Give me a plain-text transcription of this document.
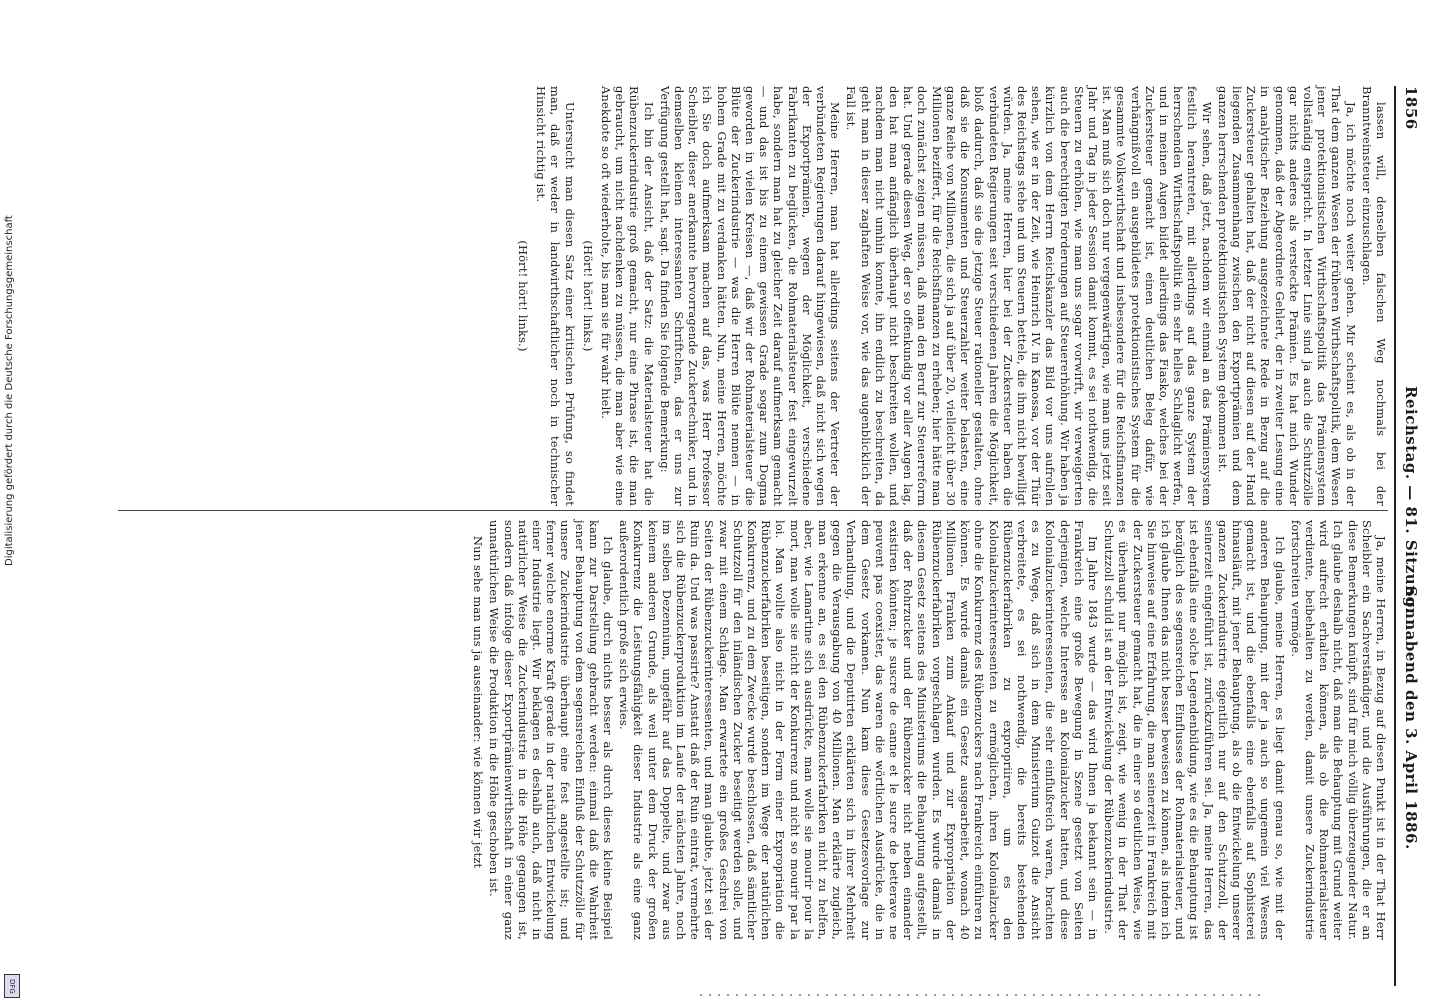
1856
Reichstag. — 81. Sitzung.
Sonnabend den 3. April 1886.

lassen will, denselben falschen Weg nochmals bei der Branntweinsteuer einzuschlagen.

Ja, ich möchte noch weiter gehen. Mir scheint es, als ob in der That dem ganzen Wesen der früheren Wirthschaftspolitik, dem Wesen jener protektionistischen Wirthschaftspolitik das Prämiensystem vollständig entspricht. In letzter Linie sind ja auch die Schutzzölle gar nichts anderes als versteckte Prämien. Es hat mich Wunder genommen, daß der Abgeordnete Gehlert, der in zweiter Lesung eine in analytischer Beziehung ausgezeichnete Rede in Bezug auf die Zuckersteuer gehalten hat, daß der nicht auf diesen auf der Hand liegenden Zusammenhang zwischen den Exportprämien und dem ganzen herrschenden protektionistischen System gekommen ist.

Wir sehen, daß jetzt, nachdem wir einmal an das Prämiensystem festlich herantreten, mit allerdings auf das ganze System der herrschenden Wirthschaftspolitik ein sehr helles Schlaglicht werfen, und in meinen Augen bildet allerdings das Fiasko, welches bei der Zuckersteuer gemacht ist, einen deutlichen Beleg dafür, wie verhängnißvoll ein ausgebildetes protektionistisches System für die gesammte Volkswirthschaft und insbesondere für die Reichsfinanzen ist. Man muß sich doch nur vergegenwärtigen, wie man uns jetzt seit Jahr und Tag in jeder Session damit kommt, es sei nothwendig, die Steuern zu erhöhen, wie man uns sogar vorwirft, wir verweigerten auch die berechtigten Forderungen auf Steuererhöhung. Wir haben ja kürzlich von dem Herrn Reichskanzler das Bild vor uns aufrollen sehen, wie er in der Zeit, wie Heinrich IV. in Kanossa, vor der Thür des Reichstags stehe und um Steuern bettele, die ihm nicht bewilligt würden. Ja, meine Herren, hier bei der Zuckersteuer haben die verbündeten Regierungen seit verschiedenen Jahren die Möglichkeit, bloß dadurch, daß sie die jetzige Steuer rationeller gestalten, ohne daß sie die Konsumenten und Steuerzahler weiter belasten, eine ganze Reihe von Millionen, die sich ja auf über 20, vielleicht über 30 Millionen beziffert, für die Reichsfinanzen zu erheben; hier hätte man doch zunächst zeigen müssen, daß man den Beruf zur Steuerreform hat. Und gerade diesen Weg, der so offenkundig vor aller Augen lag, den hat man anfänglich überhaupt nicht beschreiten wollen, und nachdem man nicht umhin konnte, ihn endlich zu beschreiten, da geht man in dieser zaghaften Weise vor, wie das augenblicklich der Fall ist.

Meine Herren, man hat allerdings seitens der Vertreter der verbündeten Regierungen darauf hingewiesen, daß nicht sich wegen der Exportprämien, wegen der Möglichkeit, verschiedene Fabrikanten zu beglücken, die Rohmaterialsteuer fest eingewurzelt habe, sondern man hat zu gleicher Zeit darauf aufmerksam gemacht — und das ist bis zu einem gewissen Grade sogar zum Dogma geworden in vielen Kreisen —, daß wir der Rohmaterialsteuer die Blüte der Zuckerindustrie — was die Herren Blüte nennen — in hohem Grade mit zu verdanken hätten. Nun, meine Herren, möchte ich Sie doch aufmerksam machen auf das, was Herr Professor Scheibler, dieser anerkannte hervorragende Zuckertechniker, und in demselben kleinen interessanten Schriftchen, das er uns zur Verfügung gestellt hat, sagt. Da finden Sie folgende Bemerkung:

Ich bin der Ansicht, daß der Satz: die Materialsteuer hat die Rübenzuckerindustrie groß gemacht, nur eine Phrase ist, die man gebraucht, um nicht nachdenken zu müssen, die man aber wie eine Anekdote so oft wiederholte, bis man sie für wahr hielt.

(Hört! hört! links.)

Untersucht man diesen Satz einer kritischen Prüfung, so findet man, daß er weder in landwirthschaftlicher noch in technischer Hinsicht richtig ist.

(Hört! hört! links.)

Ja, meine Herren, in Bezug auf diesen Punkt ist in der That Herr Scheibler ein Sachverständiger, und die Ausführungen, die er an diese Bemerkungen knüpft, sind für mich völlig überzeugender Natur. Ich glaube deshalb nicht, daß man die Behauptung mit Grund weiter wird aufrecht erhalten können, als ob die Rohmaterialsteuer verdiente, beibehalten zu werden, damit unsere Zuckerindustrie fortschreiten vermöge.

Ich glaube, meine Herren, es liegt damit genau so, wie mit der anderen Behauptung, mit der ja auch so ungemein viel Wesens gemacht ist, und die ebenfalls eine ebenfalls auf Sophisterei hinausläuft, mit jener Behauptung, als ob die Entwickelung unserer ganzen Zuckerindustrie eigentlich nur auf den Schutzzoll, der seinerzeit eingeführt ist, zurückzuführen sei. Ja, meine Herren, das ist ebenfalls eine solche Legendenbildung, wie es die Behauptung ist bezüglich des segensreichen Einflusses der Rohmaterialsteuer, und ich glaube Ihnen das nicht besser beweisen zu können, als indem ich Sie hinweise auf eine Erfahrung, die man seinerzeit in Frankreich mit der Zuckersteuer gemacht hat, die in einer so deutlichen Weise, wie es überhaupt nur möglich ist, zeigt, wie wenig in der That der Schutzzoll schuld ist an der Entwickelung der Rübenzuckerindustrie.

Im Jahre 1843 wurde — das wird Ihnen ja bekannt sein — in Frankreich eine große Bewegung in Szene gesetzt von Seiten derjenigen, welche Interesse an Kolonialzucker hatten, und diese Kolonialzuckerinteressenten, die sehr einflußreich waren, brachten es zu Wege, daß sich in dem Ministerium Guizot die Ansicht verbreitete, es sei nothwendig, die bereits bestehenden Rübenzuckerfabriken zu expropriiren, um es den Kolonialzuckerinteressenten zu ermöglichen, ihren Kolonialzucker ohne die Konkurrenz des Rübenzuckers nach Frankreich einführen zu können. Es wurde damals ein Gesetz ausgearbeitet, wonach 40 Millionen Franken zum Ankauf und zur Expropriation der Rübenzuckerfabriken vorgeschlagen wurden. Es wurde damals in diesem Gesetz seitens des Ministeriums die Behauptung aufgestellt, daß der Rohrzucker und der Rübenzucker nicht neben einander existiren könnten; je suscre de canne et le sucre de betterave ne peuvent pas coexister, das waren die wörtlichen Ausdrücke, die in dem Gesetz vorkamen. Nun kam diese Gesetzesvorlage zur Verhandlung, und die Deputirten erklärten sich in ihrer Mehrheit gegen die Verausgabung von 40 Millionen. Man erklärte zugleich, man erkenne an, es sei den Rübenzuckerfabriken nicht zu helfen, aber, wie Lamartine sich ausdrückte, man wolle sie mourir pour la mort, man wolle sie nicht der Konkurrenz und nicht so mourir par la loi. Man wollte also nicht in der Form einer Expropriation die Rübenzuckerfabriken beseitigen, sondern im Wege der natürlichen Konkurrenz, und zu dem Zwecke wurde beschlossen, daß sämtlicher Schutzzoll für den inländischen Zucker beseitigt werden solle, und zwar mit einem Schlage. Man erwartete ein großes Geschrei von Seiten der Rübenzuckerinteressenten, und man glaubte, jetzt sei der Ruin da. Und was passirte? Anstatt daß der Ruin eintrat, vermehrte sich die Rübenzuckerproduktion im Laufe der nächsten Jahre, noch im selben Dezennium, ungefähr auf das Doppelte, und zwar aus keinem anderen Grunde, als weil unter dem Druck der großen Konkurrenz die Leistungsfähigkeit dieser Industrie als eine ganz außerordentlich große sich erwies.

Ich glaube, durch nichts besser als durch dieses kleine Beispiel kann zur Darstellung gebracht werden: einmal daß die Wahrheit jener Behauptung von dem segensreichen Einfluß der Schutzzölle für unsere Zuckerindustrie überhaupt eine fest angestellte ist; und ferner welche enorme Kraft gerade in der natürlichen Entwickelung einer Industrie liegt. Wir beklagen es deshalb auch, daß nicht in natürlicher Weise die Zuckerindustrie in die Höhe gegangen ist, sondern daß infolge dieser Exportprämienwirthschaft in einer ganz unnatürlichen Weise die Produktion in die Höhe geschoben ist.

Nun sehe man uns ja auseinander: wie können wir jetzt

Digitalisierung gefördert durch die Deutsche Forschungsgemeinschaft
DFG
